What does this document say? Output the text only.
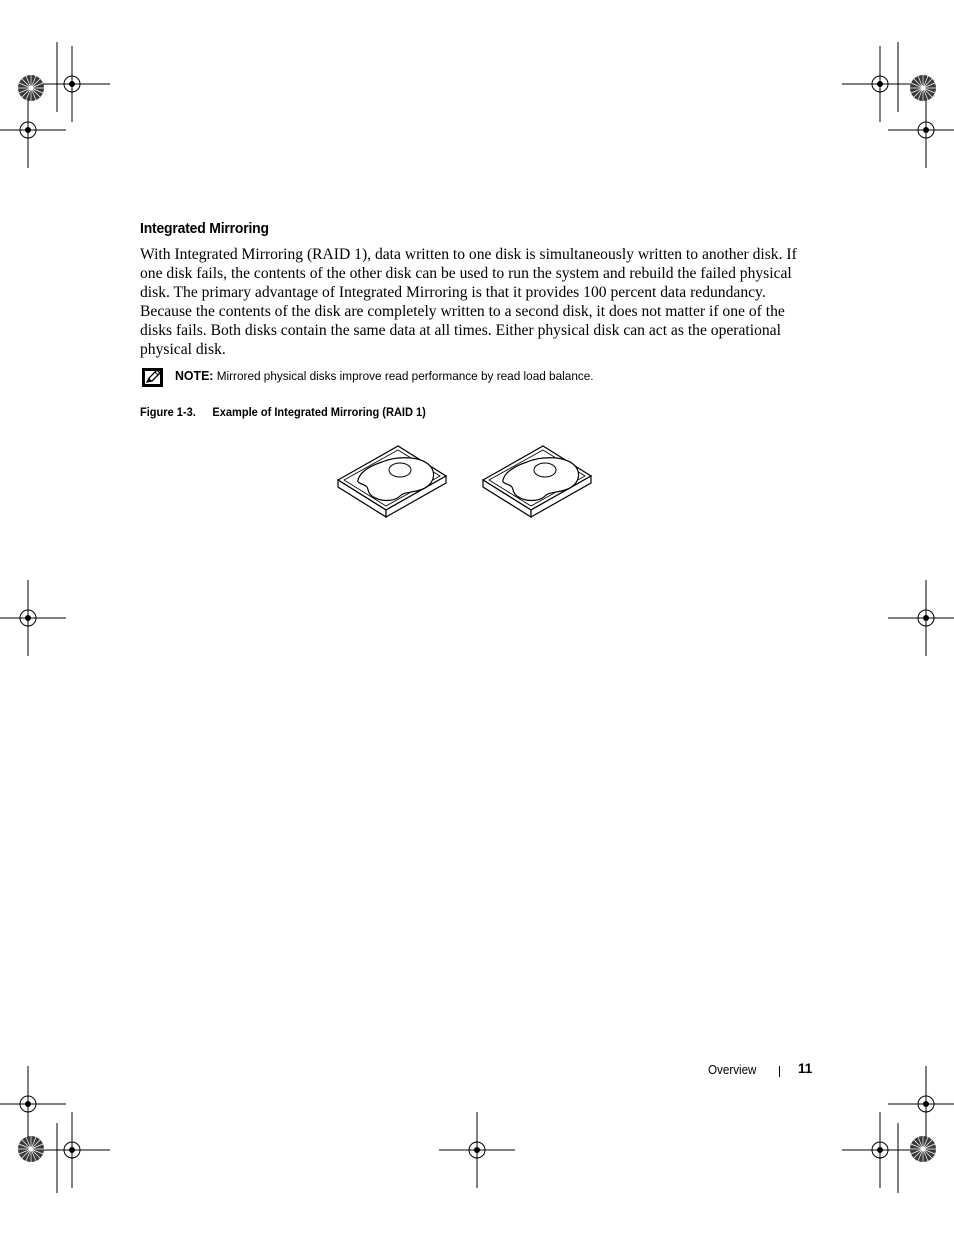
Integrated Mirroring

With Integrated Mirroring (RAID 1), data written to one disk is simultaneously written to another disk. If one disk fails, the contents of the other disk can be used to run the system and rebuild the failed physical disk. The primary advantage of Integrated Mirroring is that it provides 100 percent data redundancy. Because the contents of the disk are completely written to a second disk, it does not matter if one of the disks fails. Both disks contain the same data at all times. Either physical disk can act as the operational physical disk.

NOTE: Mirrored physical disks improve read performance by read load balance.
Figure 1-3. Example of Integrated Mirroring (RAID 1)
Overview	11
